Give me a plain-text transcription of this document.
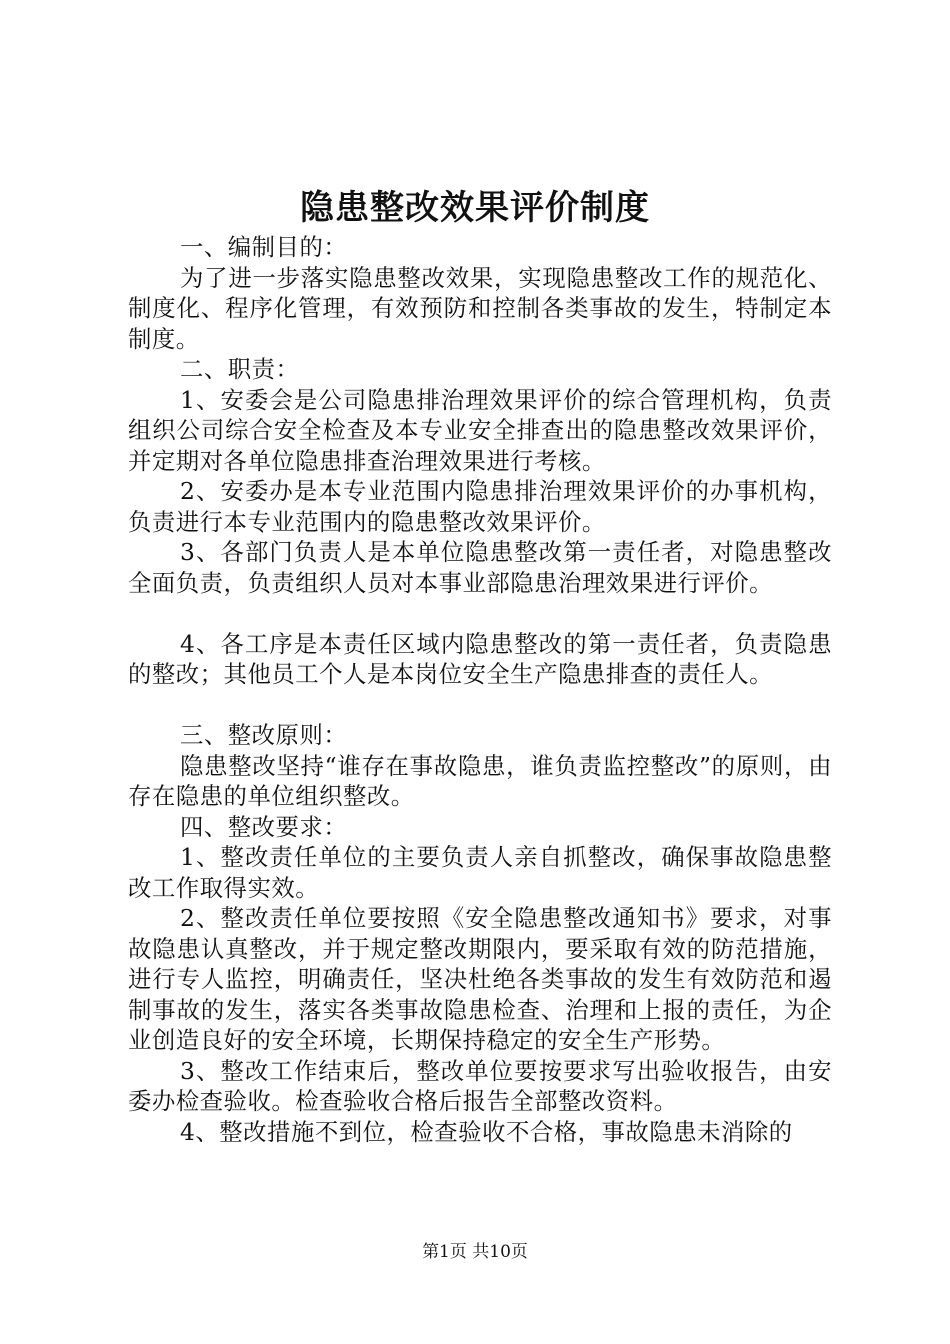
隐患整改效果评价制度

一、编制目的：

为了进一步落实隐患整改效果，实现隐患整改工作的规范化、制度化、程序化管理，有效预防和控制各类事故的发生，特制定本制度。

二、职责：

1、安委会是公司隐患排治理效果评价的综合管理机构，负责组织公司综合安全检查及本专业安全排查出的隐患整改效果评价，并定期对各单位隐患排查治理效果进行考核。

2、安委办是本专业范围内隐患排治理效果评价的办事机构，负责进行本专业范围内的隐患整改效果评价。

3、各部门负责人是本单位隐患整改第一责任者，对隐患整改全面负责，负责组织人员对本事业部隐患治理效果进行评价。

4、各工序是本责任区域内隐患整改的第一责任者，负责隐患的整改；其他员工个人是本岗位安全生产隐患排查的责任人。

三、整改原则：

隐患整改坚持“谁存在事故隐患，谁负责监控整改”的原则，由存在隐患的单位组织整改。

四、整改要求：

1、整改责任单位的主要负责人亲自抓整改，确保事故隐患整改工作取得实效。

2、整改责任单位要按照《安全隐患整改通知书》要求，对事故隐患认真整改，并于规定整改期限内，要采取有效的防范措施，进行专人监控，明确责任，坚决杜绝各类事故的发生有效防范和遏制事故的发生，落实各类事故隐患检查、治理和上报的责任，为企业创造良好的安全环境，长期保持稳定的安全生产形势。

3、整改工作结束后，整改单位要按要求写出验收报告，由安委办检查验收。检查验收合格后报告全部整改资料。

4、整改措施不到位，检查验收不合格，事故隐患未消除的

第1页 共10页
